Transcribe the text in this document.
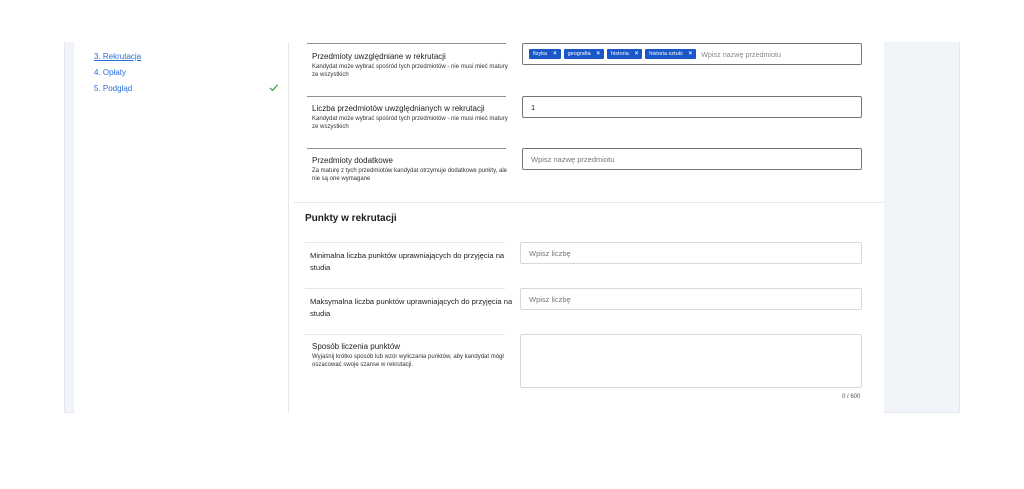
3. Rekrutacja
4. Opłaty
5. Podgląd
Przedmioty uwzględniane w rekrutacji
Kandydat może wybrać spośród tych przedmiotów - nie musi mieć matury ze wszystkich
fizyka × geografia × historia × historia sztuki × Wpisz nazwę przedmiotu
Liczba przedmiotów uwzględnianych w rekrutacji
Kandydat może wybrać spośród tych przedmiotów - nie musi mieć matury ze wszystkich
1
Przedmioty dodatkowe
Za maturę z tych przedmiotów kandydat otrzymuje dodatkowe punkty, ale nie są one wymagane
Wpisz nazwę przedmiotu
Punkty w rekrutacji
Minimalna liczba punktów uprawniających do przyjęcia na studia
Wpisz liczbę
Maksymalna liczba punktów uprawniających do przyjęcia na studia
Wpisz liczbę
Sposób liczenia punktów
Wyjaśnij krótko sposób lub wzór wyliczania punktów, aby kandydat mógł oszacować swoje szanse w rekrutacji.
0 / 600
